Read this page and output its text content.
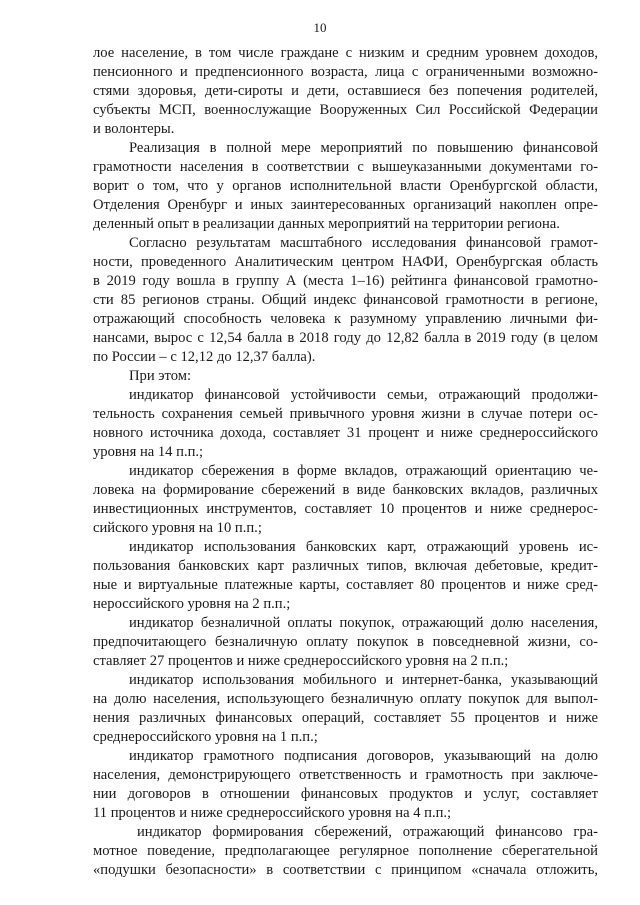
10
лое население, в том числе граждане с низким и средним уровнем доходов,
пенсионного и предпенсионного возраста, лица с ограниченными возможно-
стями здоровья, дети-сироты и дети, оставшиеся без попечения родителей,
субъекты МСП, военнослужащие Вооруженных Сил Российской Федерации
и волонтеры.
Реализация в полной мере мероприятий по повышению финансовой
грамотности населения в соответствии с вышеуказанными документами го-
ворит о том, что у органов исполнительной власти Оренбургской области,
Отделения Оренбург и иных заинтересованных организаций накоплен опре-
деленный опыт в реализации данных мероприятий на территории региона.
Согласно результатам масштабного исследования финансовой грамот-
ности, проведенного Аналитическим центром НАФИ, Оренбургская область
в 2019 году вошла в группу А (места 1–16) рейтинга финансовой грамотно-
сти 85 регионов страны. Общий индекс финансовой грамотности в регионе,
отражающий способность человека к разумному управлению личными фи-
нансами, вырос с 12,54 балла в 2018 году до 12,82 балла в 2019 году (в целом
по России – с 12,12 до 12,37 балла).
При этом:
индикатор финансовой устойчивости семьи, отражающий продолжи-
тельность сохранения семьей привычного уровня жизни в случае потери ос-
новного источника дохода, составляет 31 процент и ниже среднероссийского
уровня на 14 п.п.;
индикатор сбережения в форме вкладов, отражающий ориентацию че-
ловека на формирование сбережений в виде банковских вкладов, различных
инвестиционных инструментов, составляет 10 процентов и ниже среднерос-
сийского уровня на 10 п.п.;
индикатор использования банковских карт, отражающий уровень ис-
пользования банковских карт различных типов, включая дебетовые, кредит-
ные и виртуальные платежные карты, составляет 80 процентов и ниже сред-
нероссийского уровня на 2 п.п.;
индикатор безналичной оплаты покупок, отражающий долю населения,
предпочитающего безналичную оплату покупок в повседневной жизни, со-
ставляет 27 процентов и ниже среднероссийского уровня на 2 п.п.;
индикатор использования мобильного и интернет-банка, указывающий
на долю населения, использующего безналичную оплату покупок для выпол-
нения различных финансовых операций, составляет 55 процентов и ниже
среднероссийского уровня на 1 п.п.;
индикатор грамотного подписания договоров, указывающий на долю
населения, демонстрирующего ответственность и грамотность при заключе-
нии договоров в отношении финансовых продуктов и услуг, составляет
11 процентов и ниже среднероссийского уровня на 4 п.п.;
индикатор формирования сбережений, отражающий финансово гра-
мотное поведение, предполагающее регулярное пополнение сберегательной
«подушки безопасности» в соответствии с принципом «сначала отложить,
